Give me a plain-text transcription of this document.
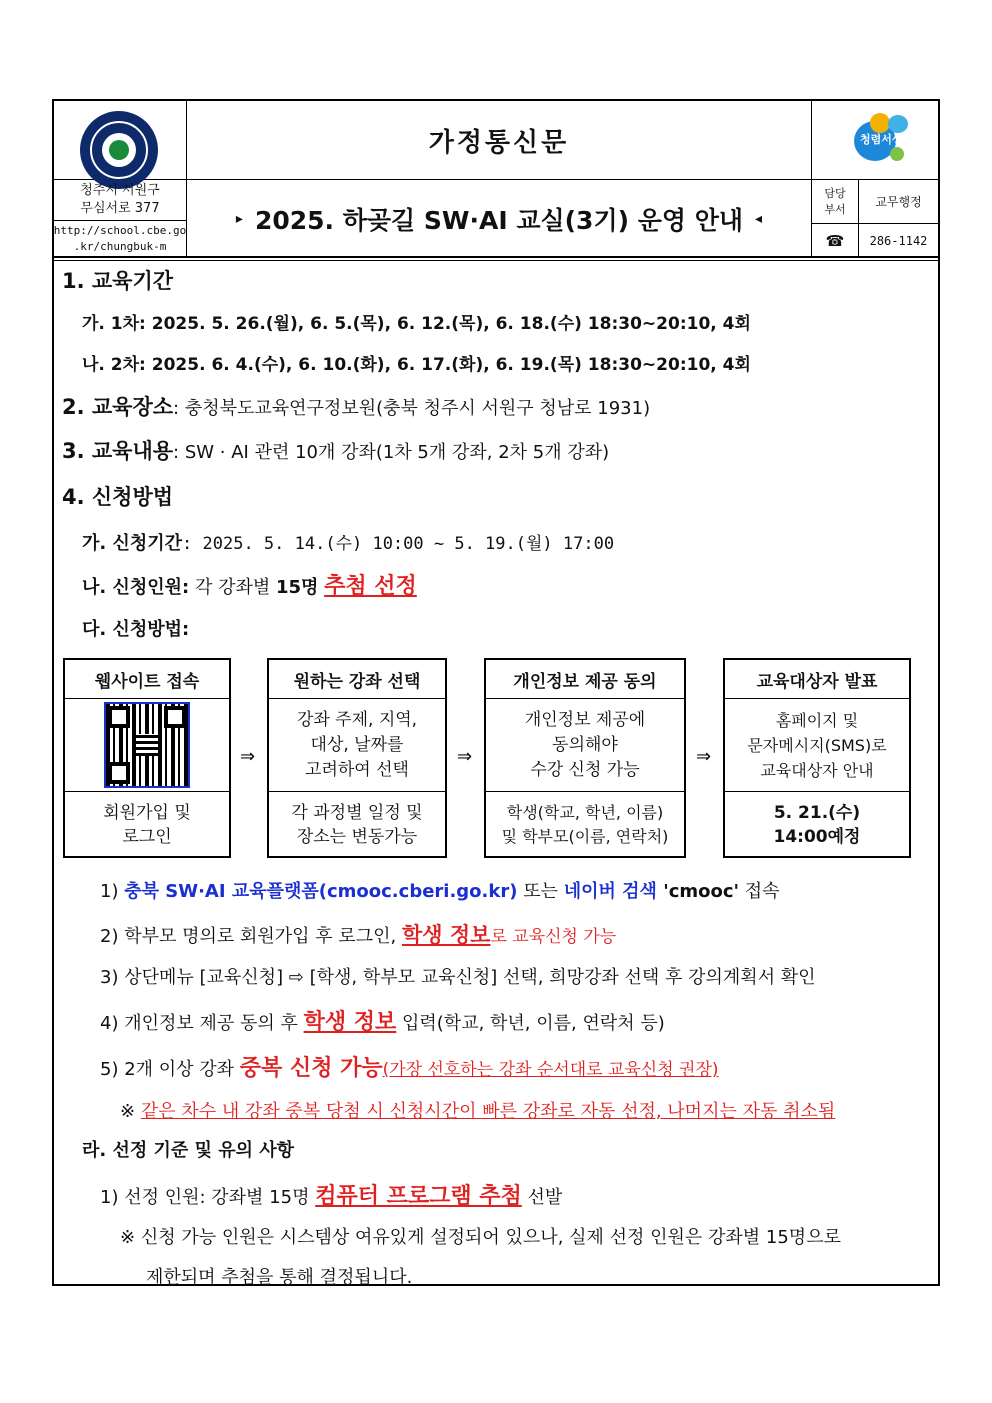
가정통신문	청렴서상
청주시 서원구
무심서로 377
http://school.cbe.go
.kr/chungbuk-m
▸ 2025. 하곶길 SW·AI 교실(3기) 운영 안내 ◂
담당
부서	교무행정
☎	286-1142
1. 교육기간
가. 1차: 2025. 5. 26.(월), 6. 5.(목), 6. 12.(목), 6. 18.(수) 18:30~20:10, 4회
나. 2차: 2025. 6. 4.(수), 6. 10.(화), 6. 17.(화), 6. 19.(목) 18:30~20:10, 4회
2. 교육장소: 충청북도교육연구정보원(충북 청주시 서원구 청남로 1931)
3. 교육내용: SW · AI 관련 10개 강좌(1차 5개 강좌, 2차 5개 강좌)
4. 신청방법
가. 신청기간: 2025. 5. 14.(수) 10:00 ~ 5. 19.(월) 17:00
나. 신청인원: 각 강좌별 15명 추첨 선정
다. 신청방법:
웹사이트 접속
회원가입 및
로그인
⇒
원하는 강좌 선택
강좌 주제, 지역,
대상, 날짜를
고려하여 선택
각 과정별 일정 및
장소는 변동가능
⇒
개인정보 제공 동의
개인정보 제공에
동의해야
수강 신청 가능
학생(학교, 학년, 이름)
및 학부모(이름, 연락처)
⇒
교육대상자 발표
홈페이지 및
문자메시지(SMS)로
교육대상자 안내
5. 21.(수)
14:00예정
1) 충북 SW·AI 교육플랫폼(cmooc.cberi.go.kr) 또는 네이버 검색 'cmooc' 접속
2) 학부모 명의로 회원가입 후 로그인, 학생 정보로 교육신청 가능
3) 상단메뉴 [교육신청] ⇨ [학생, 학부모 교육신청] 선택, 희망강좌 선택 후 강의계획서 확인
4) 개인정보 제공 동의 후 학생 정보 입력(학교, 학년, 이름, 연락처 등)
5) 2개 이상 강좌 중복 신청 가능(가장 선호하는 강좌 순서대로 교육신청 권장)
※ 같은 차수 내 강좌 중복 당첨 시 신청시간이 빠른 강좌로 자동 선정, 나머지는 자동 취소됨
라. 선정 기준 및 유의 사항
1) 선정 인원: 강좌별 15명 컴퓨터 프로그램 추첨 선발
※ 신청 가능 인원은 시스템상 여유있게 설정되어 있으나, 실제 선정 인원은 강좌별 15명으로
제한되며 추첨을 통해 결정됩니다.
